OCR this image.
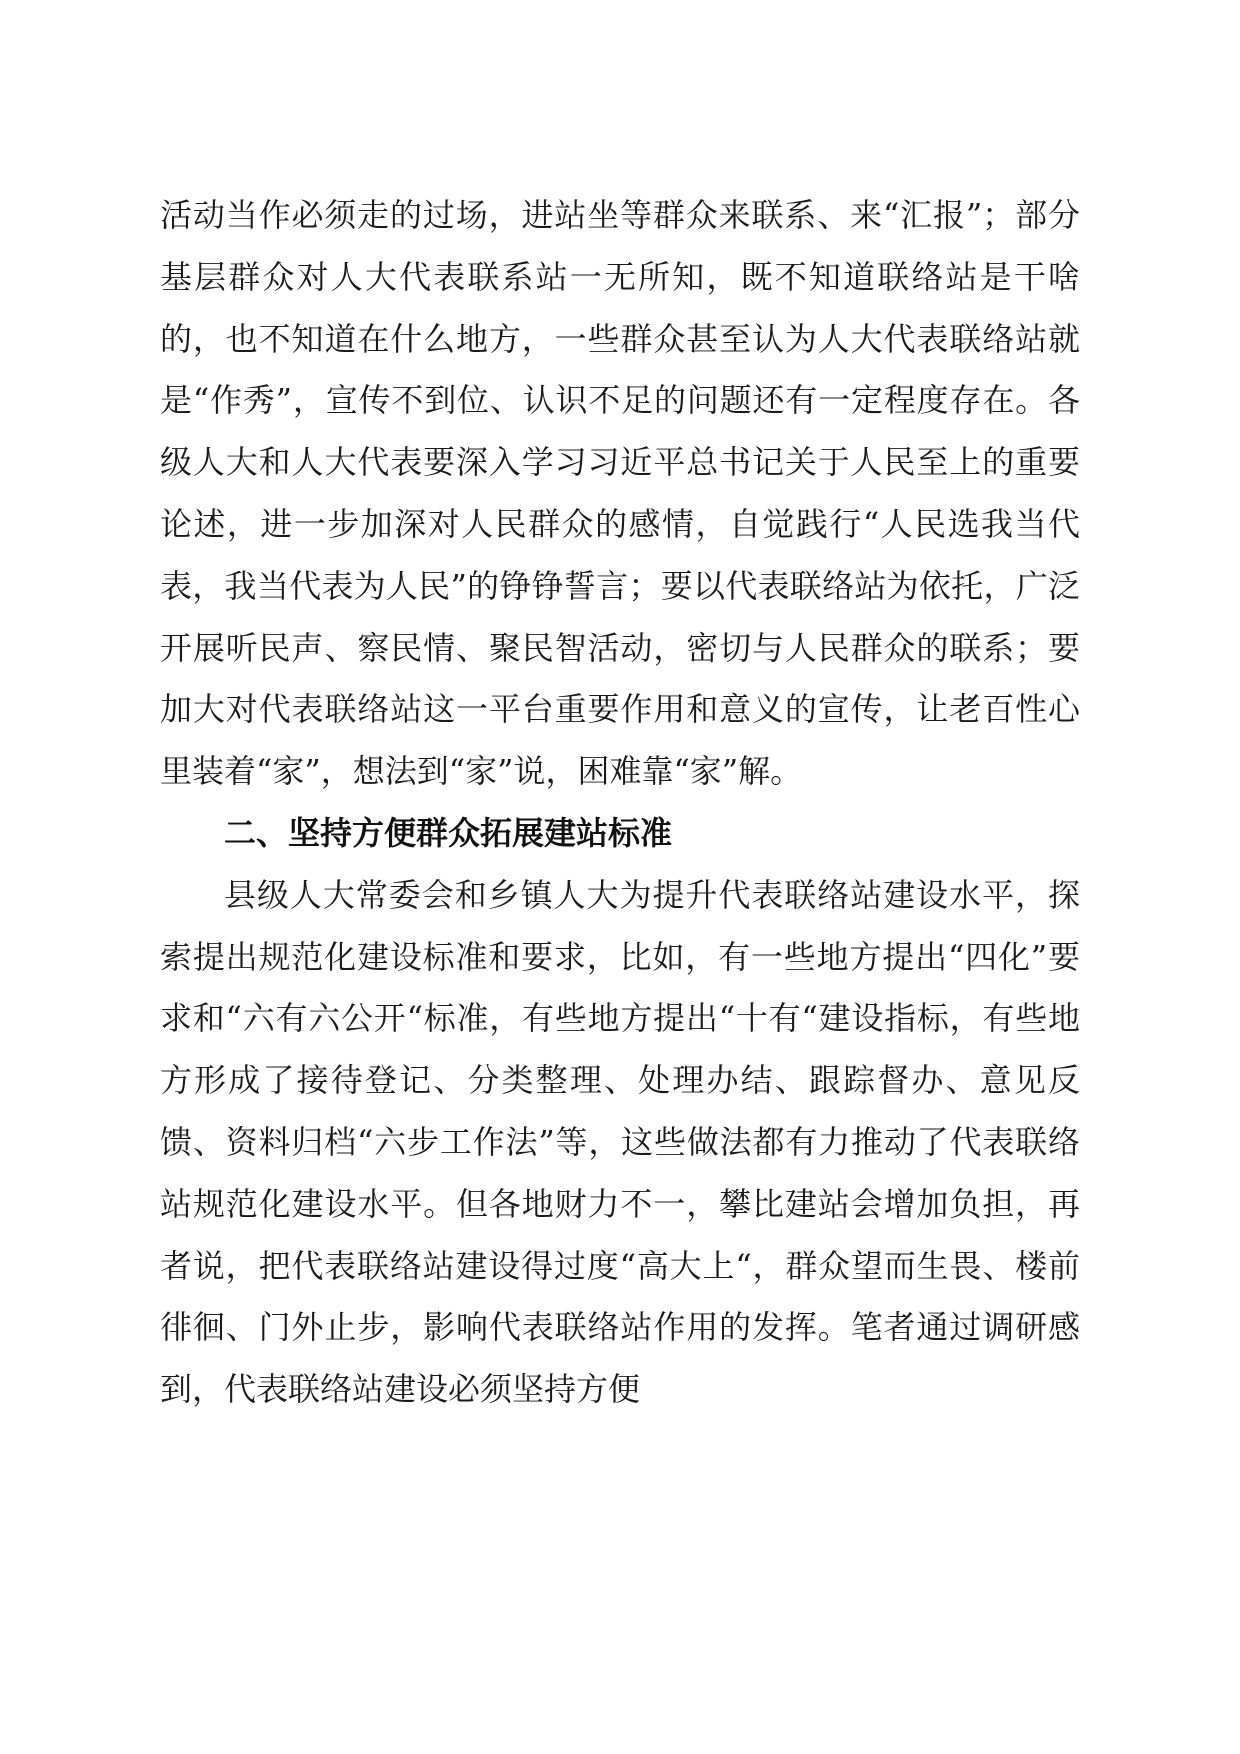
活动当作必须走的过场，进站坐等群众来联系、来“汇报”；部分基层群众对人大代表联系站一无所知，既不知道联络站是干啥的，也不知道在什么地方，一些群众甚至认为人大代表联络站就是“作秀”，宣传不到位、认识不足的问题还有一定程度存在。各级人大和人大代表要深入学习习近平总书记关于人民至上的重要论述，进一步加深对人民群众的感情，自觉践行“人民选我当代表，我当代表为人民”的铮铮誓言；要以代表联络站为依托，广泛开展听民声、察民情、聚民智活动，密切与人民群众的联系；要加大对代表联络站这一平台重要作用和意义的宣传，让老百性心里装着“家”，想法到“家”说，困难靠“家”解。

二、坚持方便群众拓展建站标准

县级人大常委会和乡镇人大为提升代表联络站建设水平，探索提出规范化建设标准和要求，比如，有一些地方提出“四化”要求和“六有六公开“标准，有些地方提出“十有“建设指标，有些地方形成了接待登记、分类整理、处理办结、跟踪督办、意见反馈、资料归档“六步工作法”等，这些做法都有力推动了代表联络站规范化建设水平。但各地财力不一，攀比建站会增加负担，再者说，把代表联络站建设得过度“高大上“，群众望而生畏、楼前徘徊、门外止步，影响代表联络站作用的发挥。笔者通过调研感到，代表联络站建设必须坚持方便
